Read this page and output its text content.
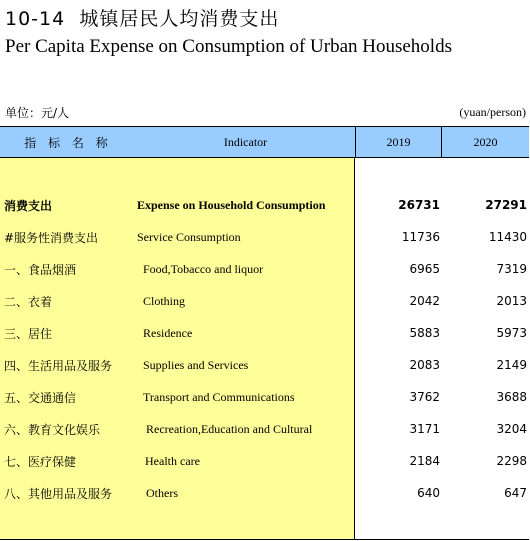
10-14 城镇居民人均消费支出
Per Capita Expense on Consumption of Urban Households
单位：元/人	(yuan/person)
指 标 名 称	Indicator	2019	2020
消费支出	Expense on Household Consumption	26731	27291
#服务性消费支出	Service Consumption	11736	11430
一、食品烟酒	Food,Tobacco and liquor	6965	7319
二、衣着	Clothing	2042	2013
三、居住	Residence	5883	5973
四、生活用品及服务	Supplies and Services	2083	2149
五、交通通信	Transport and Communications	3762	3688
六、教育文化娱乐	Recreation,Education and Cultural	3171	3204
七、医疗保健	Health care	2184	2298
八、其他用品及服务	Others	640	647
